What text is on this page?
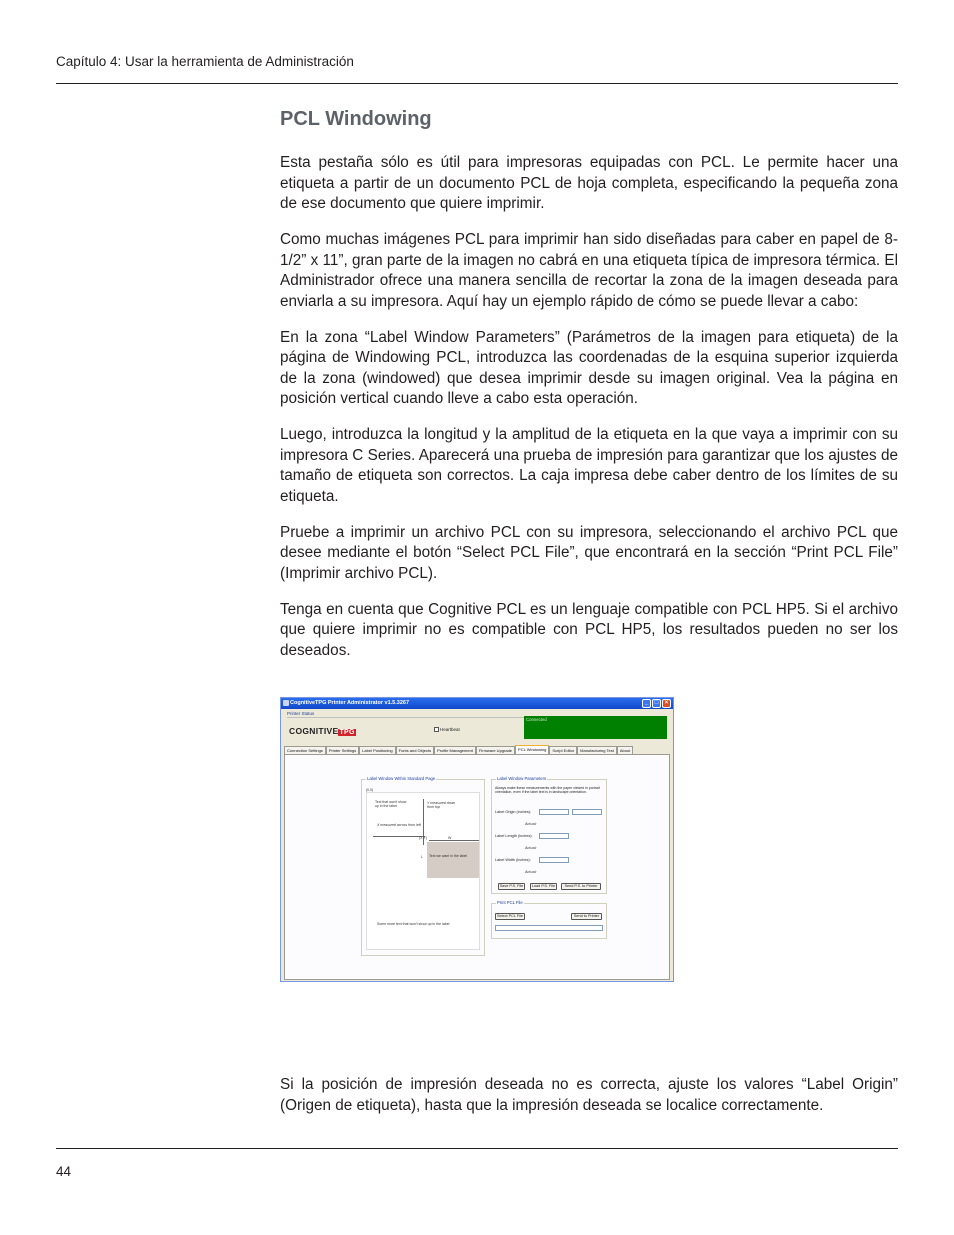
Capítulo 4: Usar la herramienta de Administración
PCL Windowing

Esta pestaña sólo es útil para impresoras equipadas con PCL. Le permite hacer una etiqueta a partir de un documento PCL de hoja completa, especificando la pequeña zona de ese documento que quiere imprimir.

Como muchas imágenes PCL para imprimir han sido diseñadas para caber en papel de 8-1/2” x 11”, gran parte de la imagen no cabrá en una etiqueta típica de impresora térmica. El Administrador ofrece una manera sencilla de recortar la zona de la imagen deseada para enviarla a su impresora. Aquí hay un ejemplo rápido de cómo se puede llevar a cabo:

En la zona “Label Window Parameters” (Parámetros de la imagen para etiqueta) de la página de Windowing PCL, introduzca las coordenadas de la esquina superior izquierda de la zona (windowed) que desea imprimir desde su imagen original. Vea la página en posición vertical cuando lleve a cabo esta operación.

Luego, introduzca la longitud y la amplitud de la etiqueta en la que vaya a imprimir con su impresora C Series. Aparecerá una prueba de impresión para garantizar que los ajustes de tamaño de etiqueta son correctos. La caja impresa debe caber dentro de los límites de su etiqueta.

Pruebe a imprimir un archivo PCL con su impresora, seleccionando el archivo PCL que desee mediante el botón “Select PCL File”, que encontrará en la sección “Print PCL File” (Imprimir archivo PCL).

Tenga en cuenta que Cognitive PCL es un lenguaje compatible con PCL HP5. Si el archivo que quiere imprimir no es compatible con PCL HP5, los resultados pueden no ser los deseados.

CognitiveTPG Printer Administrator v1.5.3267	_	□	×
Printer Status
COGNITIVETPG	Heartbeat
Connected
Connection Settings	Printer Settings	Label Positioning	Fonts and Objects	Profile Management	Firmware Upgrade	PCL Windowing	Script Editor	Manufacturing Test	About
Label Window Within Standard Page
(0,0)
Text that won't show up in the label
Y measured down from top
X measured across from left
(X,Y)	W
L Text we want in the label
Some more text that won't show up in the label
Label Window Parameters
Always make these measurements with the paper viewed in portrait orientation, even if the label text is in landscape orientation.
Label Origin (inches):
Actual:
Label Length (inches):
Actual:
Label Width (inches):
Actual:
Save P.S. File	Load P.S. File	Send P.S. to Printer
Print PCL File
Select PCL File	Send to Printer
Si la posición de impresión deseada no es correcta, ajuste los valores “Label Origin” (Origen de etiqueta), hasta que la impresión deseada se localice correctamente.
44
